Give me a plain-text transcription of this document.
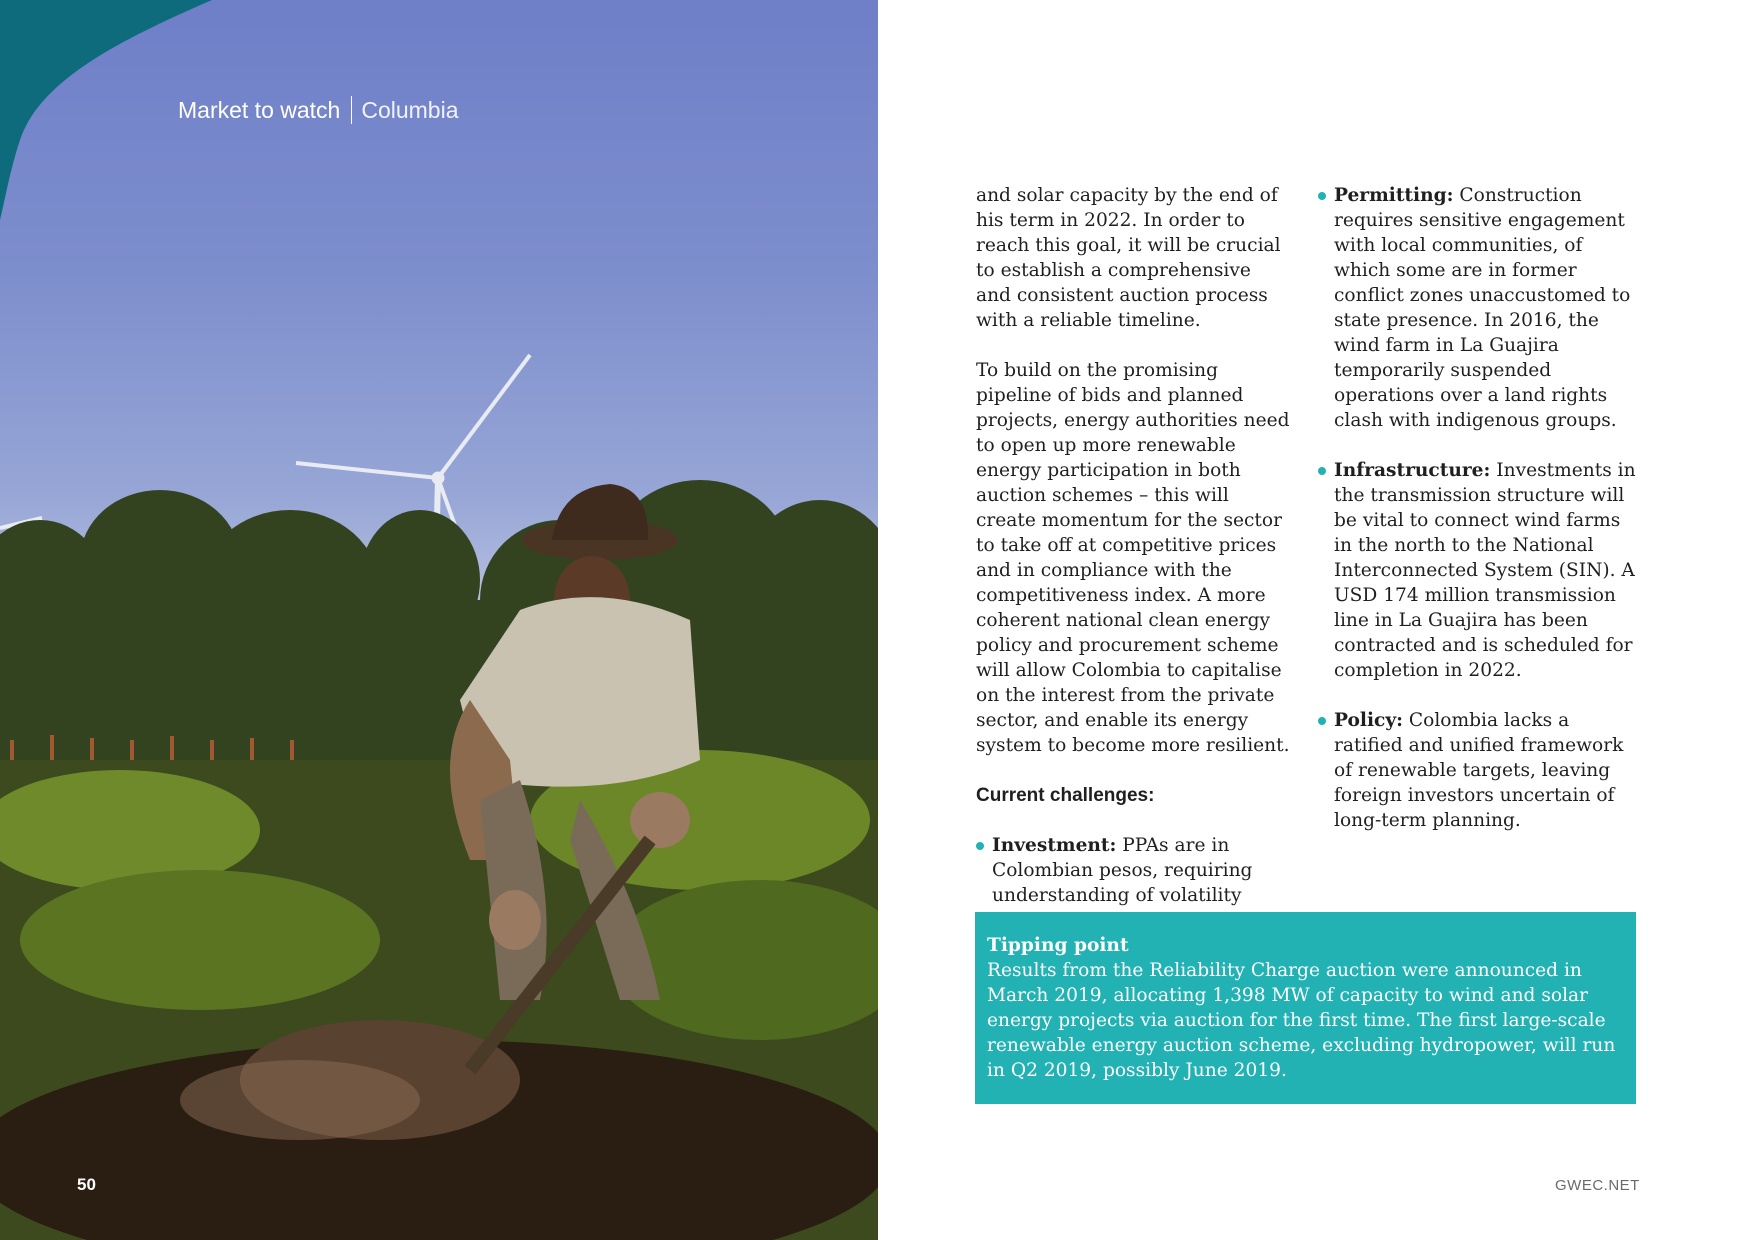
Market to watch Columbia
50

and solar capacity by the end of his term in 2022. In order to reach this goal, it will be crucial to establish a comprehensive and consistent auction process with a reliable timeline.

To build on the promising pipeline of bids and planned projects, energy authorities need to open up more renewable energy participation in both auction schemes – this will create momentum for the sector to take off at competitive prices and in compliance with the competitiveness index. A more coherent national clean energy policy and procurement scheme will allow Colombia to capitalise on the interest from the private sector, and enable its energy system to become more resilient.

Current challenges:

Investment: PPAs are in Colombian pesos, requiring understanding of volatility
Permitting: Construction requires sensitive engagement with local communities, of which some are in former conflict zones unaccustomed to state presence. In 2016, the wind farm in La Guajira temporarily suspended operations over a land rights clash with indigenous groups.
Infrastructure: Investments in the transmission structure will be vital to connect wind farms in the north to the National Interconnected System (SIN). A USD 174 million transmission line in La Guajira has been contracted and is scheduled for completion in 2022.
Policy: Colombia lacks a ratified and unified framework of renewable targets, leaving foreign investors uncertain of long-term planning.

Tipping point

Results from the Reliability Charge auction were announced in March 2019, allocating 1,398 MW of capacity to wind and solar energy projects via auction for the first time. The first large-scale renewable energy auction scheme, excluding hydropower, will run in Q2 2019, possibly June 2019.

GWEC.NET
